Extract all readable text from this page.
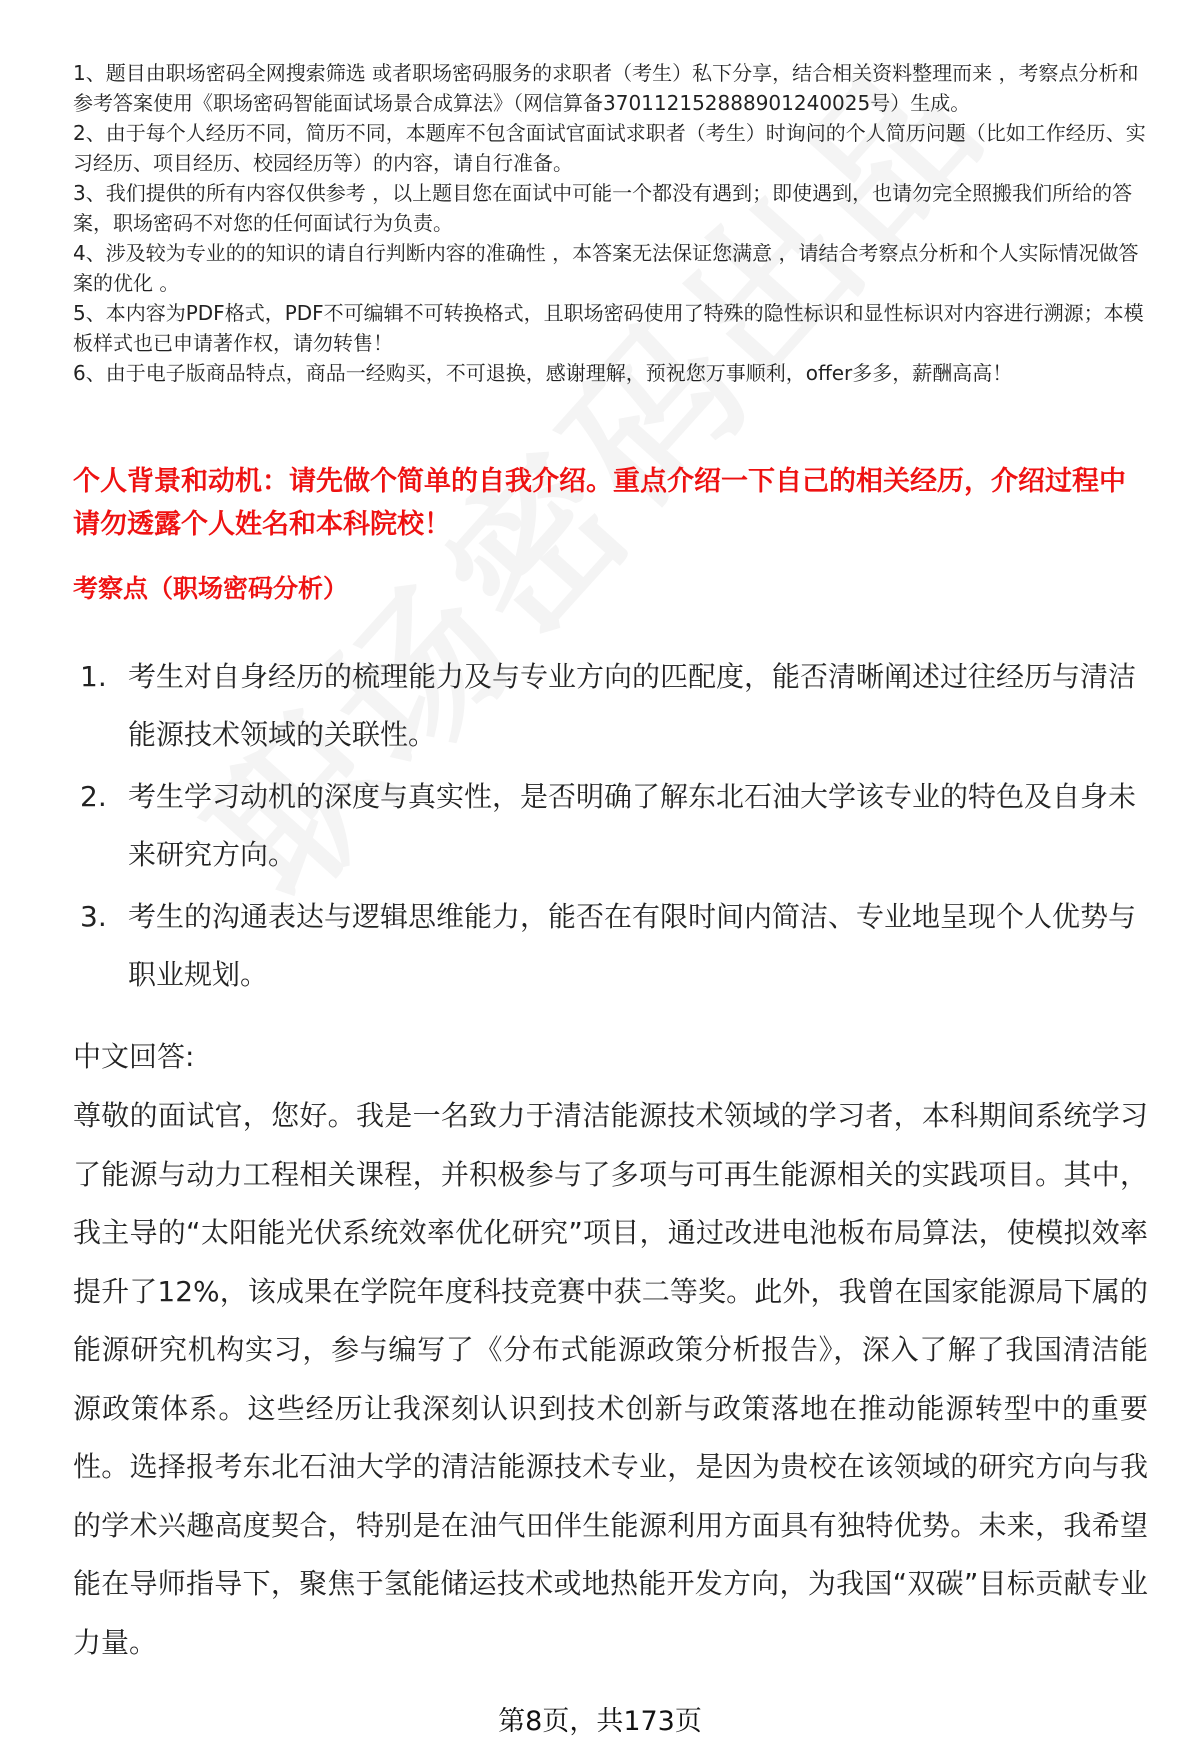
1、题目由职场密码全网搜索筛选 或者职场密码服务的求职者（考生）私下分享，结合相关资料整理而来 ，考察点分析和参考答案使用《职场密码智能面试场景合成算法》（网信算备370112152888901240025号）生成。

2、由于每个人经历不同，简历不同，本题库不包含面试官面试求职者（考生）时询问的个人简历问题（比如工作经历、实习经历、项目经历、校园经历等）的内容，请自行准备。

3、我们提供的所有内容仅供参考 ，以上题目您在面试中可能一个都没有遇到；即使遇到，也请勿完全照搬我们所给的答案，职场密码不对您的任何面试行为负责。

4、涉及较为专业的的知识的请自行判断内容的准确性 ，本答案无法保证您满意 ，请结合考察点分析和个人实际情况做答案的优化 。

5、本内容为PDF格式，PDF不可编辑不可转换格式，且职场密码使用了特殊的隐性标识和显性标识对内容进行溯源；本模板样式也已申请著作权，请勿转售！

6、由于电子版商品特点，商品一经购买，不可退换，感谢理解，预祝您万事顺利，offer多多，薪酬高高！

个人背景和动机：请先做个简单的自我介绍。重点介绍一下自己的相关经历，介绍过程中请勿透露个人姓名和本科院校！
考察点（职场密码分析）
1. 考生对自身经历的梳理能力及与专业方向的匹配度，能否清晰阐述过往经历与清洁能源技术领域的关联性。
2. 考生学习动机的深度与真实性，是否明确了解东北石油大学该专业的特色及自身未来研究方向。
3. 考生的沟通表达与逻辑思维能力，能否在有限时间内简洁、专业地呈现个人优势与职业规划。
中文回答:
尊敬的面试官，您好。我是一名致力于清洁能源技术领域的学习者，本科期间系统学习了能源与动力工程相关课程，并积极参与了多项与可再生能源相关的实践项目。其中，我主导的“太阳能光伏系统效率优化研究”项目，通过改进电池板布局算法，使模拟效率提升了12%，该成果在学院年度科技竞赛中获二等奖。此外，我曾在国家能源局下属的能源研究机构实习，参与编写了《分布式能源政策分析报告》，深入了解了我国清洁能源政策体系。这些经历让我深刻认识到技术创新与政策落地在推动能源转型中的重要性。选择报考东北石油大学的清洁能源技术专业，是因为贵校在该领域的研究方向与我的学术兴趣高度契合，特别是在油气田伴生能源利用方面具有独特优势。未来，我希望能在导师指导下，聚焦于氢能储运技术或地热能开发方向，为我国“双碳”目标贡献专业力量。
第8页，共173页
